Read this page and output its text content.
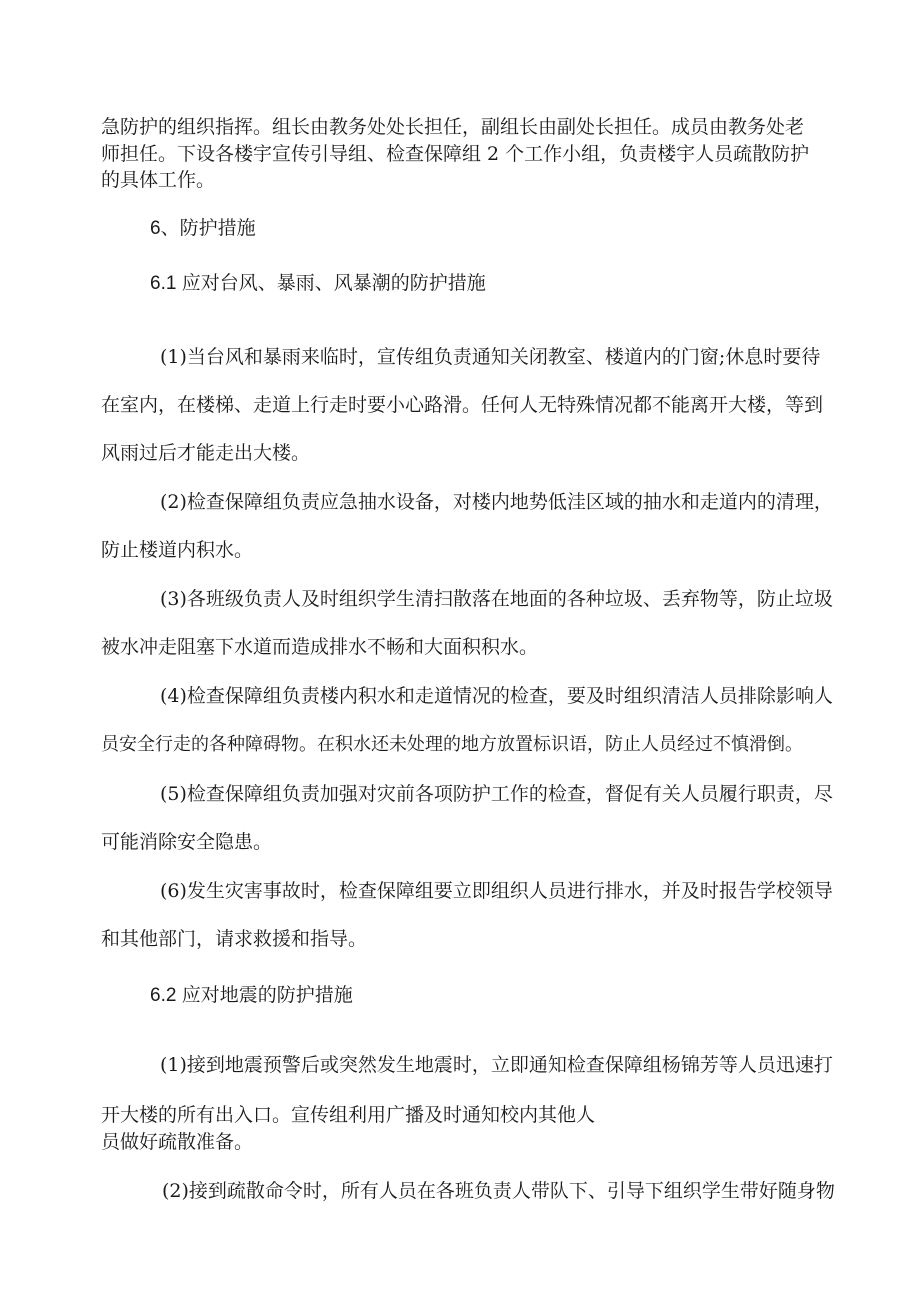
急防护的组织指挥。组长由教务处处长担任，副组长由副处长担任。成员由教务处老
师担任。下设各楼宇宣传引导组、检查保障组 2 个工作小组，负责楼宇人员疏散防护
的具体工作。
6、防护措施
6.1 应对台风、暴雨、风暴潮的防护措施
(1)当台风和暴雨来临时，宣传组负责通知关闭教室、楼道内的门窗;休息时要待
在室内，在楼梯、走道上行走时要小心路滑。任何人无特殊情况都不能离开大楼，等到
风雨过后才能走出大楼。
(2)检查保障组负责应急抽水设备，对楼内地势低洼区域的抽水和走道内的清理，
防止楼道内积水。
(3)各班级负责人及时组织学生清扫散落在地面的各种垃圾、丢弃物等，防止垃圾
被水冲走阻塞下水道而造成排水不畅和大面积积水。
(4)检查保障组负责楼内积水和走道情况的检查，要及时组织清洁人员排除影响人
员安全行走的各种障碍物。在积水还未处理的地方放置标识语，防止人员经过不慎滑倒。
(5)检查保障组负责加强对灾前各项防护工作的检查，督促有关人员履行职责，尽
可能消除安全隐患。
(6)发生灾害事故时，检查保障组要立即组织人员进行排水，并及时报告学校领导
和其他部门，请求救援和指导。
6.2 应对地震的防护措施
(1)接到地震预警后或突然发生地震时，立即通知检查保障组杨锦芳等人员迅速打
开大楼的所有出入口。宣传组利用广播及时通知校内其他人
员做好疏散准备。
(2)接到疏散命令时，所有人员在各班负责人带队下、引导下组织学生带好随身物
